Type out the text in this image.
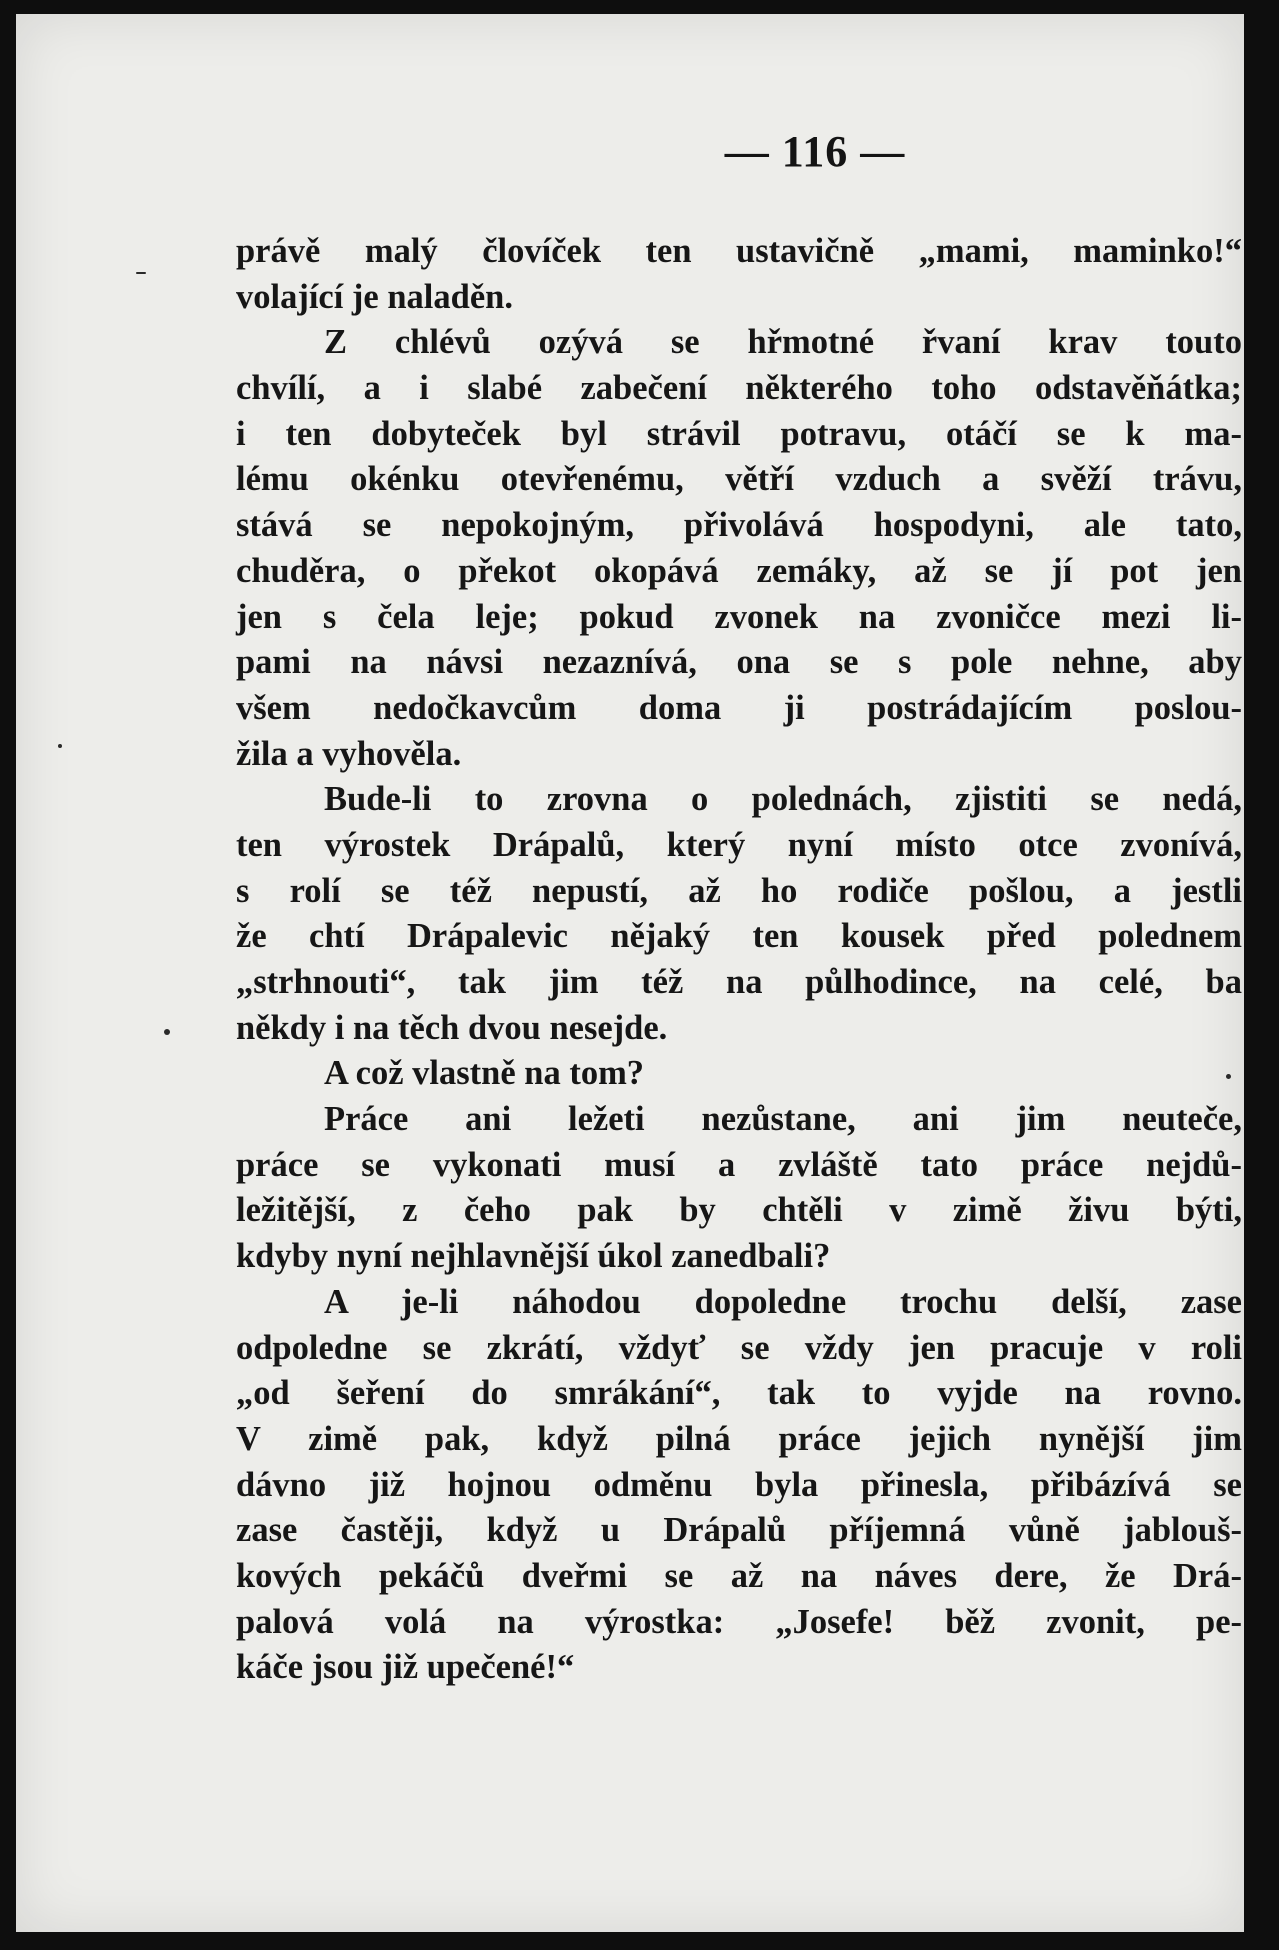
— 116 —
právě malý človíček ten ustavičně „mami, maminko!“
volající je naladěn.
Z chlévů ozývá se hřmotné řvaní krav touto
chvílí, a i slabé zabečení některého toho odstavěňátka;
i ten dobyteček byl strávil potravu, otáčí se k ma-
lému okénku otevřenému, větří vzduch a svěží trávu,
stává se nepokojným, přivolává hospodyni, ale tato,
chuděra, o překot okopává zemáky, až se jí pot jen
jen s čela leje; pokud zvonek na zvoničce mezi li-
pami na návsi nezaznívá, ona se s pole nehne, aby
všem nedočkavcům doma ji postrádajícím poslou-
žila a vyhověla.
Bude-li to zrovna o polednách, zjistiti se nedá,
ten výrostek Drápalů, který nyní místo otce zvonívá,
s rolí se též nepustí, až ho rodiče pošlou, a jestli
že chtí Drápalevic nějaký ten kousek před polednem
„strhnouti“, tak jim též na půlhodince, na celé, ba
někdy i na těch dvou nesejde.
A což vlastně na tom?
Práce ani ležeti nezůstane, ani jim neuteče,
práce se vykonati musí a zvláště tato práce nejdů-
ležitější, z čeho pak by chtěli v zimě živu býti,
kdyby nyní nejhlavnější úkol zanedbali?
A je-li náhodou dopoledne trochu delší, zase
odpoledne se zkrátí, vždyť se vždy jen pracuje v roli
„od šeření do smrákání“, tak to vyjde na rovno.
V zimě pak, když pilná práce jejich nynější jim
dávno již hojnou odměnu byla přinesla, přibázívá se
zase častěji, když u Drápalů příjemná vůně jablouš-
kových pekáčů dveřmi se až na náves dere, že Drá-
palová volá na výrostka: „Josefe! běž zvonit, pe-
káče jsou již upečené!“
